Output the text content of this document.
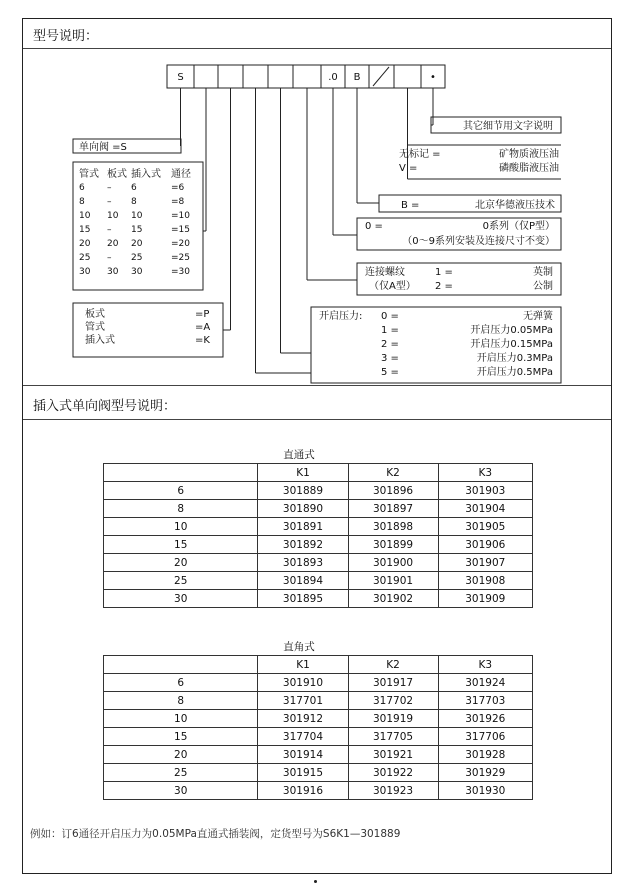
型号说明：
S	.0 B	•
其它细节用文字说明
无标记 =	矿物质液压油
V =	磷酸脂液压油
B =	北京华德液压技术
0 =	0系列（仅P型）
（0～9系列安装及连接尺寸不变）
连接螺纹
（仅A型）
1 =	英制
2 =	公制
开启压力: 0 =	无弹簧
1 =	开启压力0.05MPa
2 =	开启压力0.15MPa
3 =	开启压力0.3MPa
5 =	开启压力0.5MPa
单向阀 =S
管式 板式 插入式 通径
6 – 6	=6
8 – 8	=8
10 10 10	=10
15 – 15	=15
20 20 20	=20
25 – 25	=25
30 30 30	=30
板式	=P
管式	=A
插入式	=K
插入式单向阀型号说明：
直通式
	K1	K2	K3
6	301889	301896	301903
8	301890	301897	301904
10	301891	301898	301905
15	301892	301899	301906
20	301893	301900	301907
25	301894	301901	301908
30	301895	301902	301909
直角式
	K1	K2	K3
6	301910	301917	301924
8	317701	317702	317703
10	301912	301919	301926
15	317704	317705	317706
20	301914	301921	301928
25	301915	301922	301929
30	301916	301923	301930
例如：订6通径开启压力为0.05MPa直通式插装阀，定货型号为S6K1—301889
